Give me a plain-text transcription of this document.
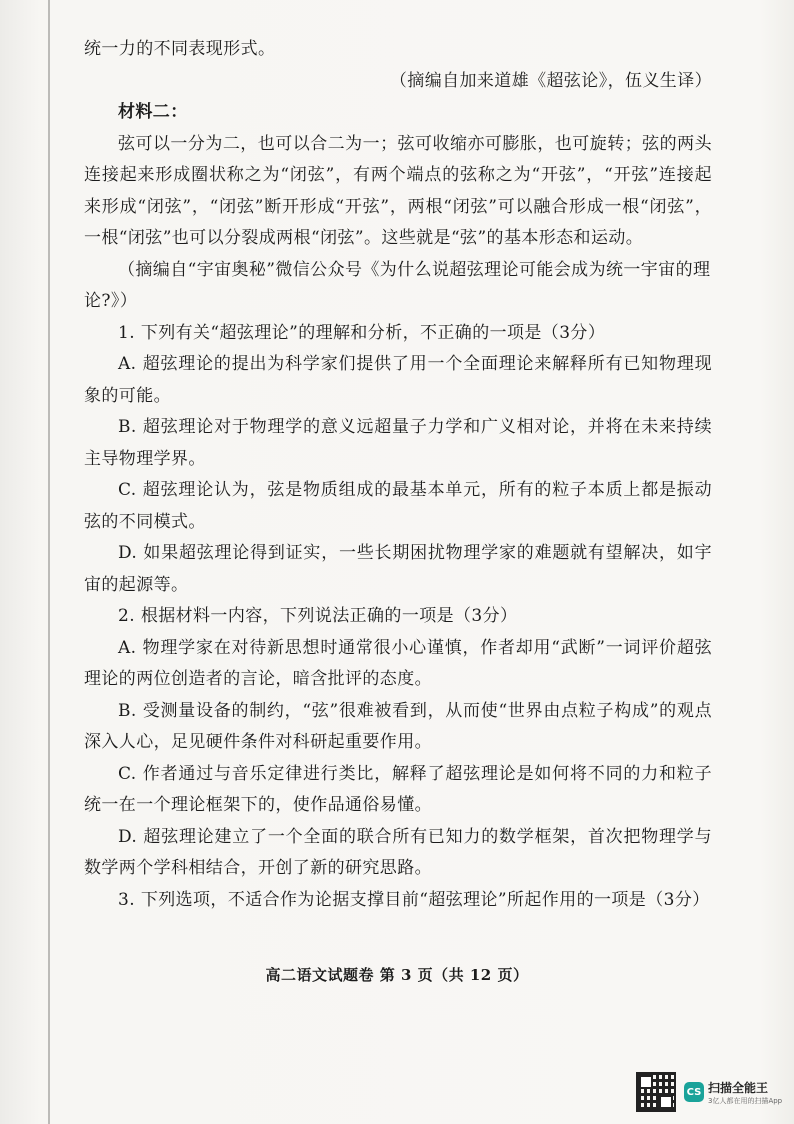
统一力的不同表现形式。

（摘编自加来道雄《超弦论》，伍义生译）

材料二：

弦可以一分为二，也可以合二为一；弦可收缩亦可膨胀，也可旋转；弦的两头连接起来形成圈状称之为“闭弦”，有两个端点的弦称之为“开弦”，“开弦”连接起来形成“闭弦”，“闭弦”断开形成“开弦”，两根“闭弦”可以融合形成一根“闭弦”，一根“闭弦”也可以分裂成两根“闭弦”。这些就是“弦”的基本形态和运动。

（摘编自“宇宙奥秘”微信公众号《为什么说超弦理论可能会成为统一宇宙的理论?》）

1. 下列有关“超弦理论”的理解和分析，不正确的一项是（3分）

A. 超弦理论的提出为科学家们提供了用一个全面理论来解释所有已知物理现象的可能。

B. 超弦理论对于物理学的意义远超量子力学和广义相对论，并将在未来持续主导物理学界。

C. 超弦理论认为，弦是物质组成的最基本单元，所有的粒子本质上都是振动弦的不同模式。

D. 如果超弦理论得到证实，一些长期困扰物理学家的难题就有望解决，如宇宙的起源等。

2. 根据材料一内容，下列说法正确的一项是（3分）

A. 物理学家在对待新思想时通常很小心谨慎，作者却用“武断”一词评价超弦理论的两位创造者的言论，暗含批评的态度。

B. 受测量设备的制约，“弦”很难被看到，从而使“世界由点粒子构成”的观点深入人心，足见硬件条件对科研起重要作用。

C. 作者通过与音乐定律进行类比，解释了超弦理论是如何将不同的力和粒子统一在一个理论框架下的，使作品通俗易懂。

D. 超弦理论建立了一个全面的联合所有已知力的数学框架，首次把物理学与数学两个学科相结合，开创了新的研究思路。

3. 下列选项，不适合作为论据支撑目前“超弦理论”所起作用的一项是（3分）

高二语文试题卷 第 3 页（共 12 页）
CS 扫描全能王
3亿人都在用的扫描App
